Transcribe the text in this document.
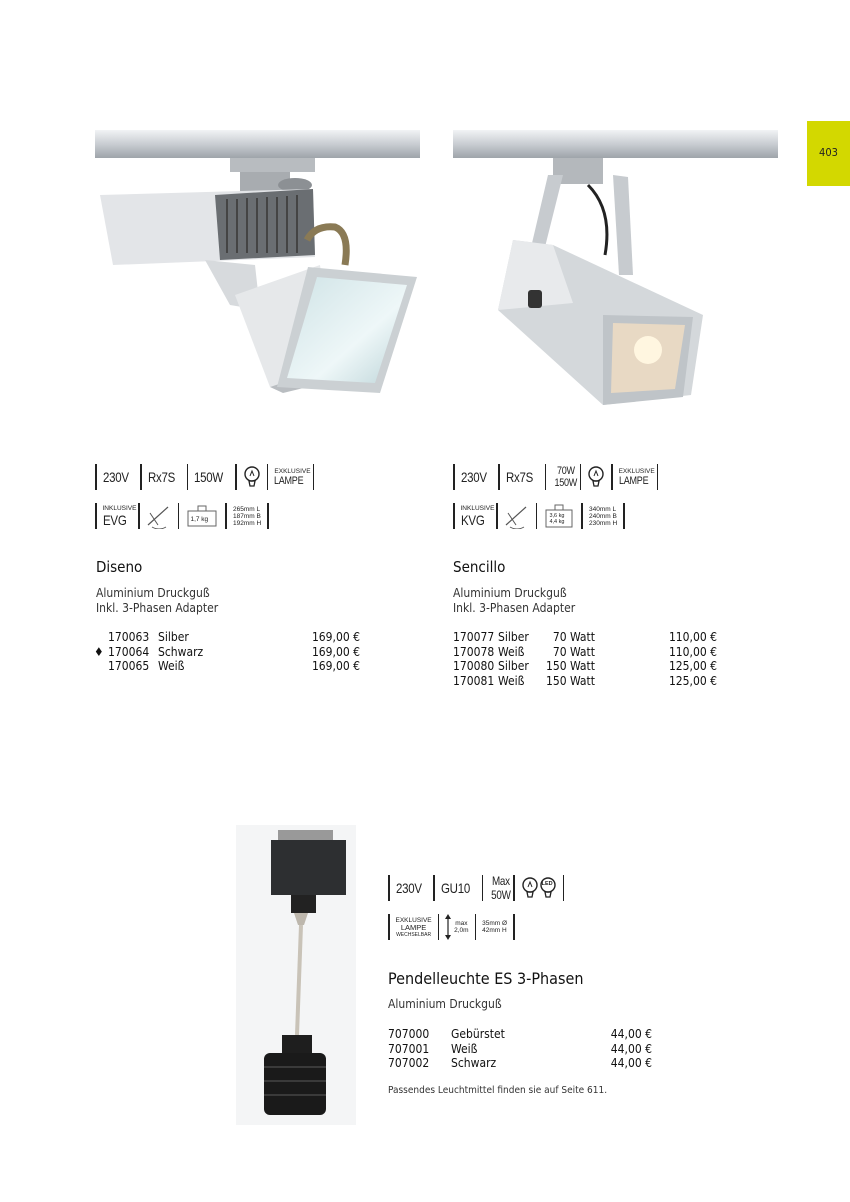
403
230V Rx7S 150W	EXKLUSIVE
LAMPE
INKLUSIVE
EVG	1,7 kg
265mm L
187mm B
192mm H
230V Rx7S 70W
150W
EXKLUSIVE
LAMPE
INKLUSIVE
KVG	3,6 kg
4,4 kg
340mm L
240mm B
230mm H
Diseno
Aluminium Druckguß
Inkl. 3-Phasen Adapter
	170063	Silber	169,00 €
♦	170064	Schwarz	169,00 €
	170065	Weiß	169,00 €
Sencillo
Aluminium Druckguß
Inkl. 3-Phasen Adapter
170077	Silber	70 Watt	110,00 €
170078	Weiß	70 Watt	110,00 €
170080	Silber	150 Watt	125,00 €
170081	Weiß	150 Watt	125,00 €
230V GU10 Max
50W
LED
EXKLUSIVE
LAMPE
WECHSELBAR
max
2,0m
35mm Ø
42mm H
Pendelleuchte ES 3-Phasen
Aluminium Druckguß
707000	Gebürstet	44,00 €
707001	Weiß	44,00 €
707002	Schwarz	44,00 €
Passendes Leuchtmittel finden sie auf Seite 611.
